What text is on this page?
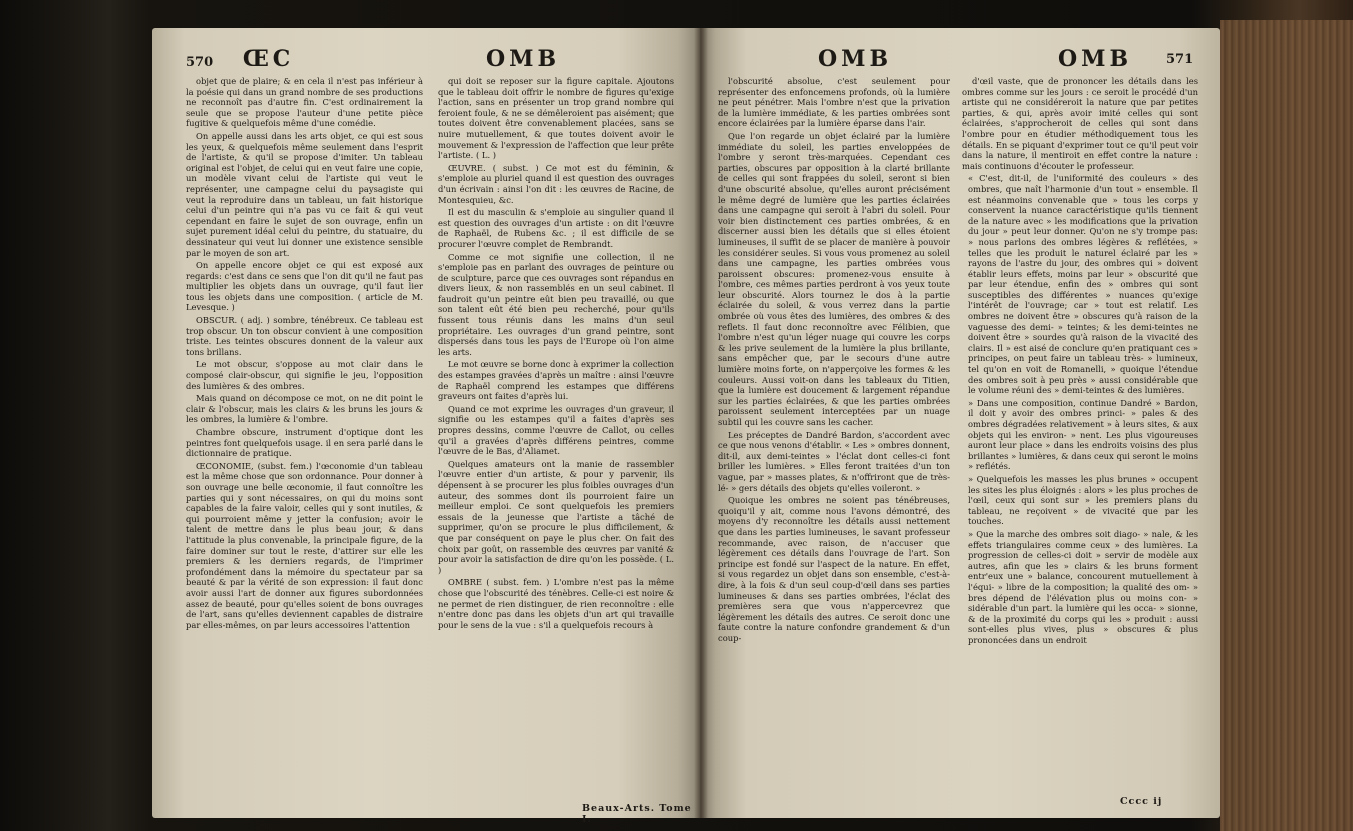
570 ŒC	OMB

objet que de plaire; & en cela il n'est pas inférieur à la poésie qui dans un grand nombre de ses productions ne reconnoît pas d'autre fin. C'est ordinairement la seule que se propose l'auteur d'une petite pièce fugitive & quelquefois même d'une comédie.

On appelle aussi dans les arts objet, ce qui est sous les yeux, & quelquefois même seulement dans l'esprit de l'artiste, & qu'il se propose d'imiter. Un tableau original est l'objet, de celui qui en veut faire une copie, un modèle vivant celui de l'artiste qui veut le représenter, une campagne celui du paysagiste qui veut la reproduire dans un tableau, un fait historique celui d'un peintre qui n'a pas vu ce fait & qui veut cependant en faire le sujet de son ouvrage, enfin un sujet purement idéal celui du peintre, du statuaire, du dessinateur qui veut lui donner une existence sensible par le moyen de son art.

On appelle encore objet ce qui est exposé aux regards: c'est dans ce sens que l'on dit qu'il ne faut pas multiplier les objets dans un ouvrage, qu'il faut lier tous les objets dans une composition. ( article de M. Levesque. )

OBSCUR. ( adj. ) sombre, ténébreux. Ce tableau est trop obscur. Un ton obscur convient à une composition triste. Les teintes obscures donnent de la valeur aux tons brillans.

Le mot obscur, s'oppose au mot clair dans le composé clair-obscur, qui signifie le jeu, l'opposition des lumières & des ombres.

Mais quand on décompose ce mot, on ne dit point le clair & l'obscur, mais les clairs & les bruns les jours & les ombres, la lumière & l'ombre.

Chambre obscure, instrument d'optique dont les peintres font quelquefois usage. il en sera parlé dans le dictionnaire de pratique.

ŒCONOMIE, (subst. fem.) l'œconomie d'un tableau est la même chose que son ordonnance. Pour donner à son ouvrage une belle œconomie, il faut connoître les parties qui y sont nécessaires, on qui du moins sont capables de la faire valoir, celles qui y sont inutiles, & qui pourroient même y jetter la confusion; avoir le talent de mettre dans le plus beau jour, & dans l'attitude la plus convenable, la principale figure, de la faire dominer sur tout le reste, d'attirer sur elle les premiers & les derniers regards, de l'imprimer profondément dans la mémoire du spectateur par sa beauté & par la vérité de son expression: il faut donc avoir aussi l'art de donner aux figures subordonnées assez de beauté, pour qu'elles soient de bons ouvrages de l'art, sans qu'elles deviennent capables de distraire par elles-mêmes, on par leurs accessoires l'attention

qui doit se reposer sur la figure capitale. Ajoutons que le tableau doit offrir le nombre de figures qu'exige l'action, sans en présenter un trop grand nombre qui feroient foule, & ne se démêleroient pas aisément; que toutes doivent être convenablement placées, sans se nuire mutuellement, & que toutes doivent avoir le mouvement & l'expression de l'affection que leur prête l'artiste. ( L. )

ŒUVRE. ( subst. ) Ce mot est du féminin, & s'emploie au pluriel quand il est question des ouvrages d'un écrivain : ainsi l'on dit : les œuvres de Racine, de Montesquieu, &c.

Il est du masculin & s'emploie au singulier quand il est question des ouvrages d'un artiste : on dit l'œuvre de Raphaël, de Rubens &c. ; il est difficile de se procurer l'œuvre complet de Rembrandt.

Comme ce mot signifie une collection, il ne s'emploie pas en parlant des ouvrages de peinture ou de sculpture, parce que ces ouvrages sont répandus en divers lieux, & non rassemblés en un seul cabinet. Il faudroit qu'un peintre eût bien peu travaillé, ou que son talent eût été bien peu recherché, pour qu'ils fussent tous réunis dans les mains d'un seul propriétaire. Les ouvrages d'un grand peintre, sont dispersés dans tous les pays de l'Europe où l'on aime les arts.

Le mot œuvre se borne donc à exprimer la collection des estampes gravées d'après un maître : ainsi l'œuvre de Raphaël comprend les estampes que différens graveurs ont faites d'après lui.

Quand ce mot exprime les ouvrages d'un graveur, il signifie ou les estampes qu'il a faites d'après ses propres dessins, comme l'œuvre de Callot, ou celles qu'il a gravées d'après différens peintres, comme l'œuvre de le Bas, d'Aliamet.

Quelques amateurs ont la manie de rassembler l'œuvre entier d'un artiste, & pour y parvenir, ils dépensent à se procurer les plus foibles ouvrages d'un auteur, des sommes dont ils pourroient faire un meilleur emploi. Ce sont quelquefois les premiers essais de la jeunesse que l'artiste a tâché de supprimer, qu'on se procure le plus difficilement, & que par conséquent on paye le plus cher. On fait des choix par goût, on rassemble des œuvres par vanité & pour avoir la satisfaction de dire qu'on les possède. ( L. )

OMBRE ( subst. fem. ) L'ombre n'est pas la même chose que l'obscurité des ténèbres. Celle-ci est noire & ne permet de rien distinguer, de rien reconnoître : elle n'entre donc pas dans les objets d'un art qui travaille pour le sens de la vue : s'il a quelquefois recours à

Beaux-Arts. Tome I.
OMB	OMB	571

l'obscurité absolue, c'est seulement pour représenter des enfoncemens profonds, où la lumière ne peut pénétrer. Mais l'ombre n'est que la privation de la lumière immédiate, & les parties ombrées sont encore éclairées par la lumière éparse dans l'air.

Que l'on regarde un objet éclairé par la lumière immédiate du soleil, les parties enveloppées de l'ombre y seront très-marquées. Cependant ces parties, obscures par opposition à la clarté brillante de celles qui sont frappées du soleil, seront si bien d'une obscurité absolue, qu'elles auront précisément le même degré de lumière que les parties éclairées dans une campagne qui seroit à l'abri du soleil. Pour voir bien distinctement ces parties ombrées, & en discerner aussi bien les détails que si elles étoient lumineuses, il suffit de se placer de manière à pouvoir les considérer seules. Si vous vous promenez au soleil dans une campagne, les parties ombrées vous paroissent obscures: promenez-vous ensuite à l'ombre, ces mêmes parties perdront à vos yeux toute leur obscurité. Alors tournez le dos à la partie éclairée du soleil, & vous verrez dans la partie ombrée où vous êtes des lumières, des ombres & des reflets. Il faut donc reconnoître avec Félibien, que l'ombre n'est qu'un léger nuage qui couvre les corps & les prive seulement de la lumière la plus brillante, sans empêcher que, par le secours d'une autre lumière moins forte, on n'apperçoive les formes & les couleurs. Aussi voit-on dans les tableaux du Titien, que la lumière est doucement & largement répandue sur les parties éclairées, & que les parties ombrées paroissent seulement interceptées par un nuage subtil qui les couvre sans les cacher.

Les préceptes de Dandré Bardon, s'accordent avec ce que nous venons d'établir. « Les » ombres donnent, dit-il, aux demi-teintes » l'éclat dont celles-ci font briller les lumières. » Elles feront traitées d'un ton vague, par » masses plates, & n'offriront que de très-lé- » gers détails des objets qu'elles voileront. »

Quoique les ombres ne soient pas ténébreuses, quoiqu'il y ait, comme nous l'avons démontré, des moyens d'y reconnoître les détails aussi nettement que dans les parties lumineuses, le savant professeur recommande, avec raison, de n'accuser que légèrement ces détails dans l'ouvrage de l'art. Son principe est fondé sur l'aspect de la nature. En effet, si vous regardez un objet dans son ensemble, c'est-à-dire, à la fois & d'un seul coup-d'œil dans ses parties lumineuses & dans ses parties ombrées, l'éclat des premières sera que vous n'appercevrez que légèrement les détails des autres. Ce seroit donc une faute contre la nature confondre grandement & d'un coup-

d'œil vaste, que de prononcer les détails dans les ombres comme sur les jours : ce seroit le procédé d'un artiste qui ne considéreroit la nature que par petites parties, & qui, après avoir imité celles qui sont éclairées, s'approcheroit de celles qui sont dans l'ombre pour en étudier méthodiquement tous les détails. En se piquant d'exprimer tout ce qu'il peut voir dans la nature, il mentiroit en effet contre la nature : mais continuons d'écouter le professeur.

« C'est, dit-il, de l'uniformité des couleurs » des ombres, que naît l'harmonie d'un tout » ensemble. Il est néanmoins convenable que » tous les corps y conservent la nuance caractéristique qu'ils tiennent de la nature avec » les modifications que la privation du jour » peut leur donner. Qu'on ne s'y trompe pas: » nous parlons des ombres légères & reflétées, » telles que les produit le naturel éclairé par les » rayons de l'astre du jour, des ombres qui » doivent établir leurs effets, moins par leur » obscurité que par leur étendue, enfin des » ombres qui sont susceptibles des différentes » nuances qu'exige l'intérêt de l'ouvrage; car » tout est relatif. Les ombres ne doivent être » obscures qu'à raison de la vaguesse des demi- » teintes; & les demi-teintes ne doivent être » sourdes qu'à raison de la vivacité des clairs. Il » est aisé de conclure qu'en pratiquant ces » principes, on peut faire un tableau très- » lumineux, tel qu'on en voit de Romanelli, » quoique l'étendue des ombres soit à peu près » aussi considérable que le volume réuni des » demi-teintes & des lumières.

» Dans une composition, continue Dandré » Bardon, il doit y avoir des ombres princi- » pales & des ombres dégradées relativement » à leurs sites, & aux objets qui les environ- » nent. Les plus vigoureuses auront leur place » dans les endroits voisins des plus brillantes » lumières, & dans ceux qui seront le moins » reflétés.

» Quelquefois les masses les plus brunes » occupent les sites les plus éloignés : alors » les plus proches de l'œil, ceux qui sont sur » les premiers plans du tableau, ne reçoivent » de vivacité que par les touches.

» Que la marche des ombres soit diago- » nale, & les effets triangulaires comme ceux » des lumières. La progression de celles-ci doit » servir de modèle aux autres, afin que les » clairs & les bruns forment entr'eux une » balance, concourent mutuellement à l'équi- » libre de la composition; la qualité des om- » bres dépend de l'élévation plus ou moins con- » sidérable d'un part. la lumière qui les occa- » sionne, & de la proximité du corps qui les » produit : aussi sont-elles plus vives, plus » obscures & plus prononcées dans un endroit

Cccc ij
